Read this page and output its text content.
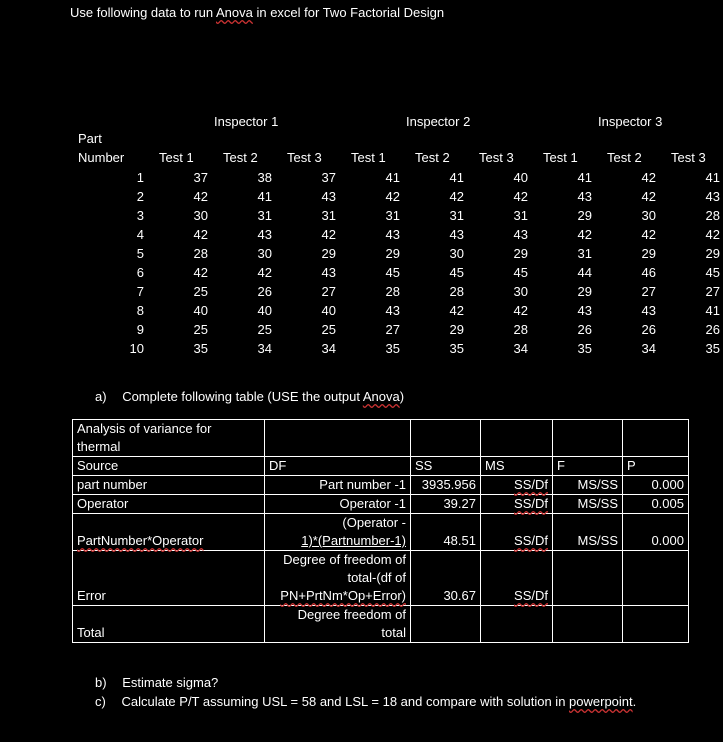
Use following data to run Anova in excel for Two Factorial Design
Inspector 1	Inspector 2	Inspector 3
Part
Number	Test 1 Test 2 Test 3 Test 1 Test 2 Test 3 Test 1 Test 2 Test 3
1	37	38	37	41	41	40	41	42	41
2	42	41	43	42	42	42	43	42	43
3	30	31	31	31	31	31	29	30	28
4	42	43	42	43	43	43	42	42	42
5	28	30	29	29	30	29	31	29	29
6	42	42	43	45	45	45	44	46	45
7	25	26	27	28	28	30	29	27	27
8	40	40	40	43	42	42	43	43	41
9	25	25	25	27	29	28	26	26	26
10	35	34	34	35	35	34	35	34	35
a) Complete following table (USE the output Anova)
Analysis of variance for
thermal					

Source	DF	SS	MS	F	P
part number	Part number -1	3935.956	SS/Df	MS/SS	0.000
Operator	Operator -1	39.27	SS/Df	MS/SS	0.005
PartNumber*Operator	(Operator -
1)*(Partnumber-1)	48.51	SS/Df	MS/SS	0.000
Error	Degree of freedom of
total-(df of
PN+PrtNm*Op+Error)	30.67	SS/Df		
Total	Degree freedom of
total				

b) Estimate sigma?
c) Calculate P/T assuming USL = 58 and LSL = 18 and compare with solution in powerpoint.
